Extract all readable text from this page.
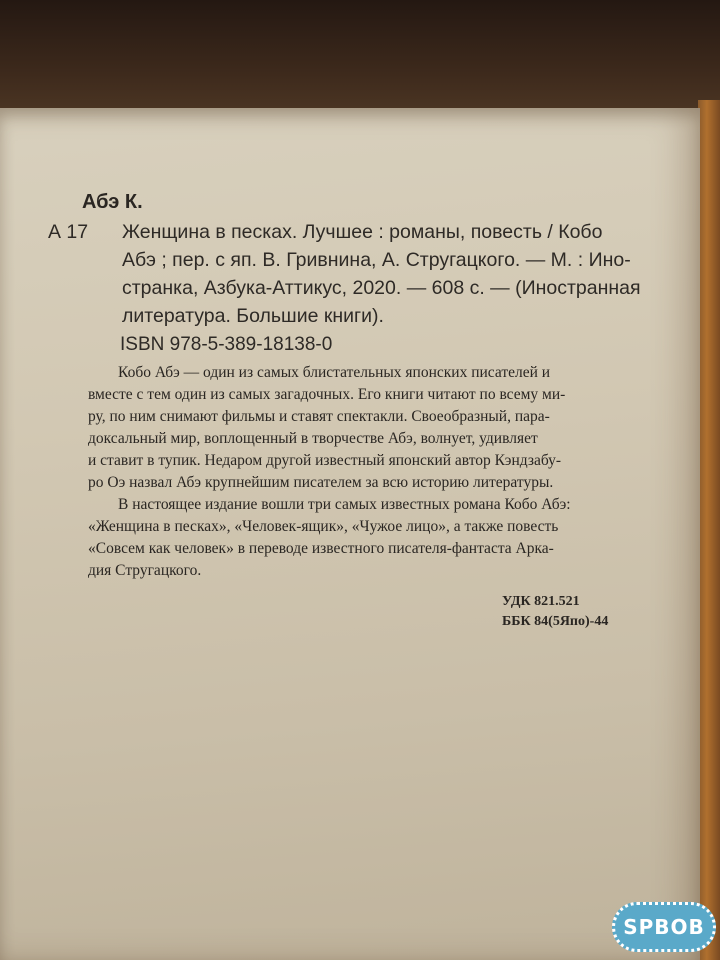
Абэ К.
А 17 Женщина в песках. Лучшее : романы, повесть / Кобо
Абэ ; пер. с яп. В. Гривнина, А. Стругацкого. — М. : Ино-
странка, Азбука-Аттикус, 2020. — 608 с. — (Иностранная
литература. Большие книги).
ISBN 978-5-389-18138-0
Кобо Абэ — один из самых блистательных японских писателей и
вместе с тем один из самых загадочных. Его книги читают по всему ми-
ру, по ним снимают фильмы и ставят спектакли. Своеобразный, пара-
доксальный мир, воплощенный в творчестве Абэ, волнует, удивляет
и ставит в тупик. Недаром другой известный японский автор Кэндзабу-
ро Оэ назвал Абэ крупнейшим писателем за всю историю литературы.
В настоящее издание вошли три самых известных романа Кобо Абэ:
«Женщина в песках», «Человек-ящик», «Чужое лицо», а также повесть
«Совсем как человек» в переводе известного писателя-фантаста Арка-
дия Стругацкого.
УДК 821.521
ББК 84(5Япо)-44
SPBOB
